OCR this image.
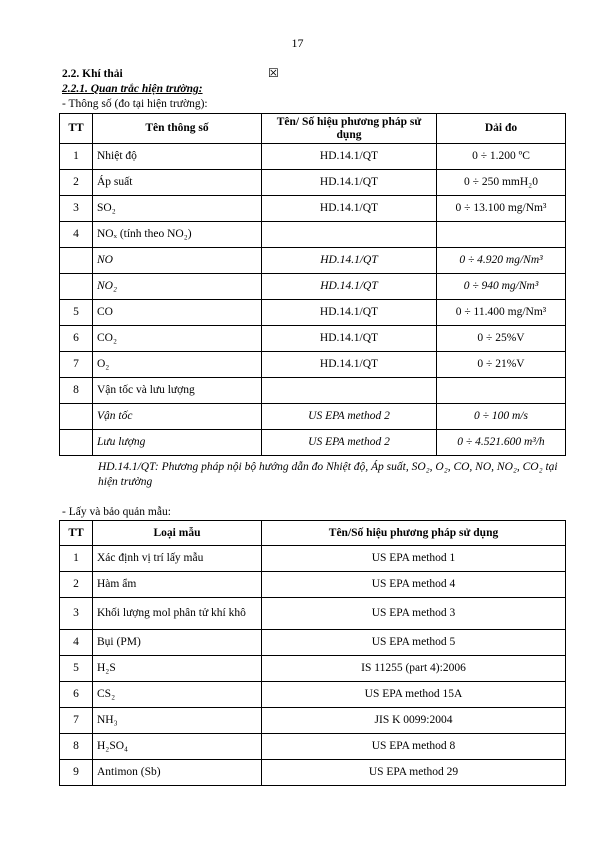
17
2.2. Khí thải	☒
2.2.1. Quan trắc hiện trường:
- Thông số (đo tại hiện trường):
TT	Tên thông số	Tên/ Số hiệu phương pháp sử dụng	Dải đo
1	Nhiệt độ	HD.14.1/QT	0 ÷ 1.200 ºC
2	Áp suất	HD.14.1/QT	0 ÷ 250 mmH₂0
3	SO₂	HD.14.1/QT	0 ÷ 13.100 mg/Nm³
4	NOₓ (tính theo NO₂)		
	NO	HD.14.1/QT	0 ÷ 4.920 mg/Nm³
	NO₂	HD.14.1/QT	0 ÷ 940 mg/Nm³
5	CO	HD.14.1/QT	0 ÷ 11.400 mg/Nm³
6	CO₂	HD.14.1/QT	0 ÷ 25%V
7	O₂	HD.14.1/QT	0 ÷ 21%V
8	Vận tốc và lưu lượng		
	Vận tốc	US EPA method 2	0 ÷ 100 m/s
	Lưu lượng	US EPA method 2	0 ÷ 4.521.600 m³/h
HD.14.1/QT: Phương pháp nội bộ hướng dẫn đo Nhiệt độ, Áp suất, SO₂, O₂, CO, NO, NO₂, CO₂ tại hiện trường
- Lấy và bảo quản mẫu:
TT	Loại mẫu	Tên/Số hiệu phương pháp sử dụng
1	Xác định vị trí lấy mẫu	US EPA method 1
2	Hàm ẩm	US EPA method 4
3	Khối lượng mol phân tử khí khô	US EPA method 3
4	Bụi (PM)	US EPA method 5
5	H₂S	IS 11255 (part 4):2006
6	CS₂	US EPA method 15A
7	NH₃	JIS K 0099:2004
8	H₂SO₄	US EPA method 8
9	Antimon (Sb)	US EPA method 29
